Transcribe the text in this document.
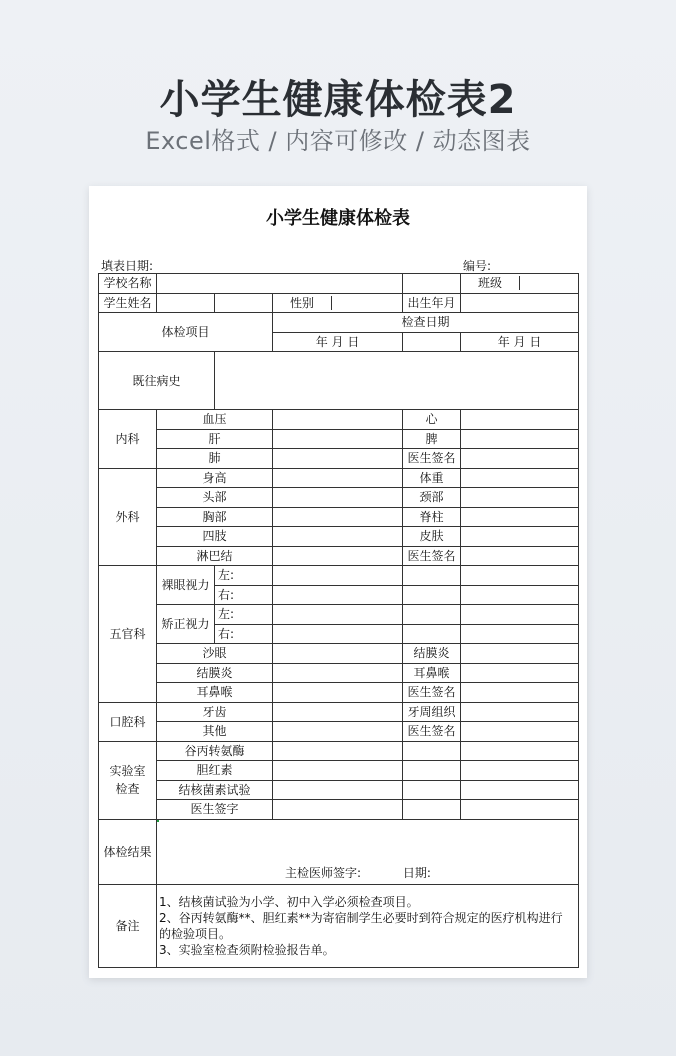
小学生健康体检表2
Excel格式 / 内容可修改 / 动态图表
小学生健康体检表
填表日期:	编号:
学校名称					班级
学生姓名			性别	出生年月	
体检项目			检查日期		
			年 月 日		年 月 日
既往病史					
内科	血压			心	
	肝			脾	
	肺			医生签名	
外科	身高			体重	
	头部			颈部	
	胸部			脊柱	
	四肢			皮肤	
	淋巴结			医生签名	
五官科	裸眼视力	左:			
		右:			
	矫正视力	左:			
		右:			
	沙眼			结膜炎	
	结膜炎			耳鼻喉	
	耳鼻喉			医生签名	
口腔科	牙齿			牙周组织	
	其他			医生签名	
实验室检查	谷丙转氨酶				
	胆红素				
	结核菌素试验				
	医生签字				
体检结果	主检医师签字: 日期:				
备注	1、结核菌试验为小学、初中入学必须检查项目。
2、谷丙转氨酶**、胆红素**为寄宿制学生必要时到符合规定的医疗机构进行的检验项目。
3、实验室检查须附检验报告单。				
